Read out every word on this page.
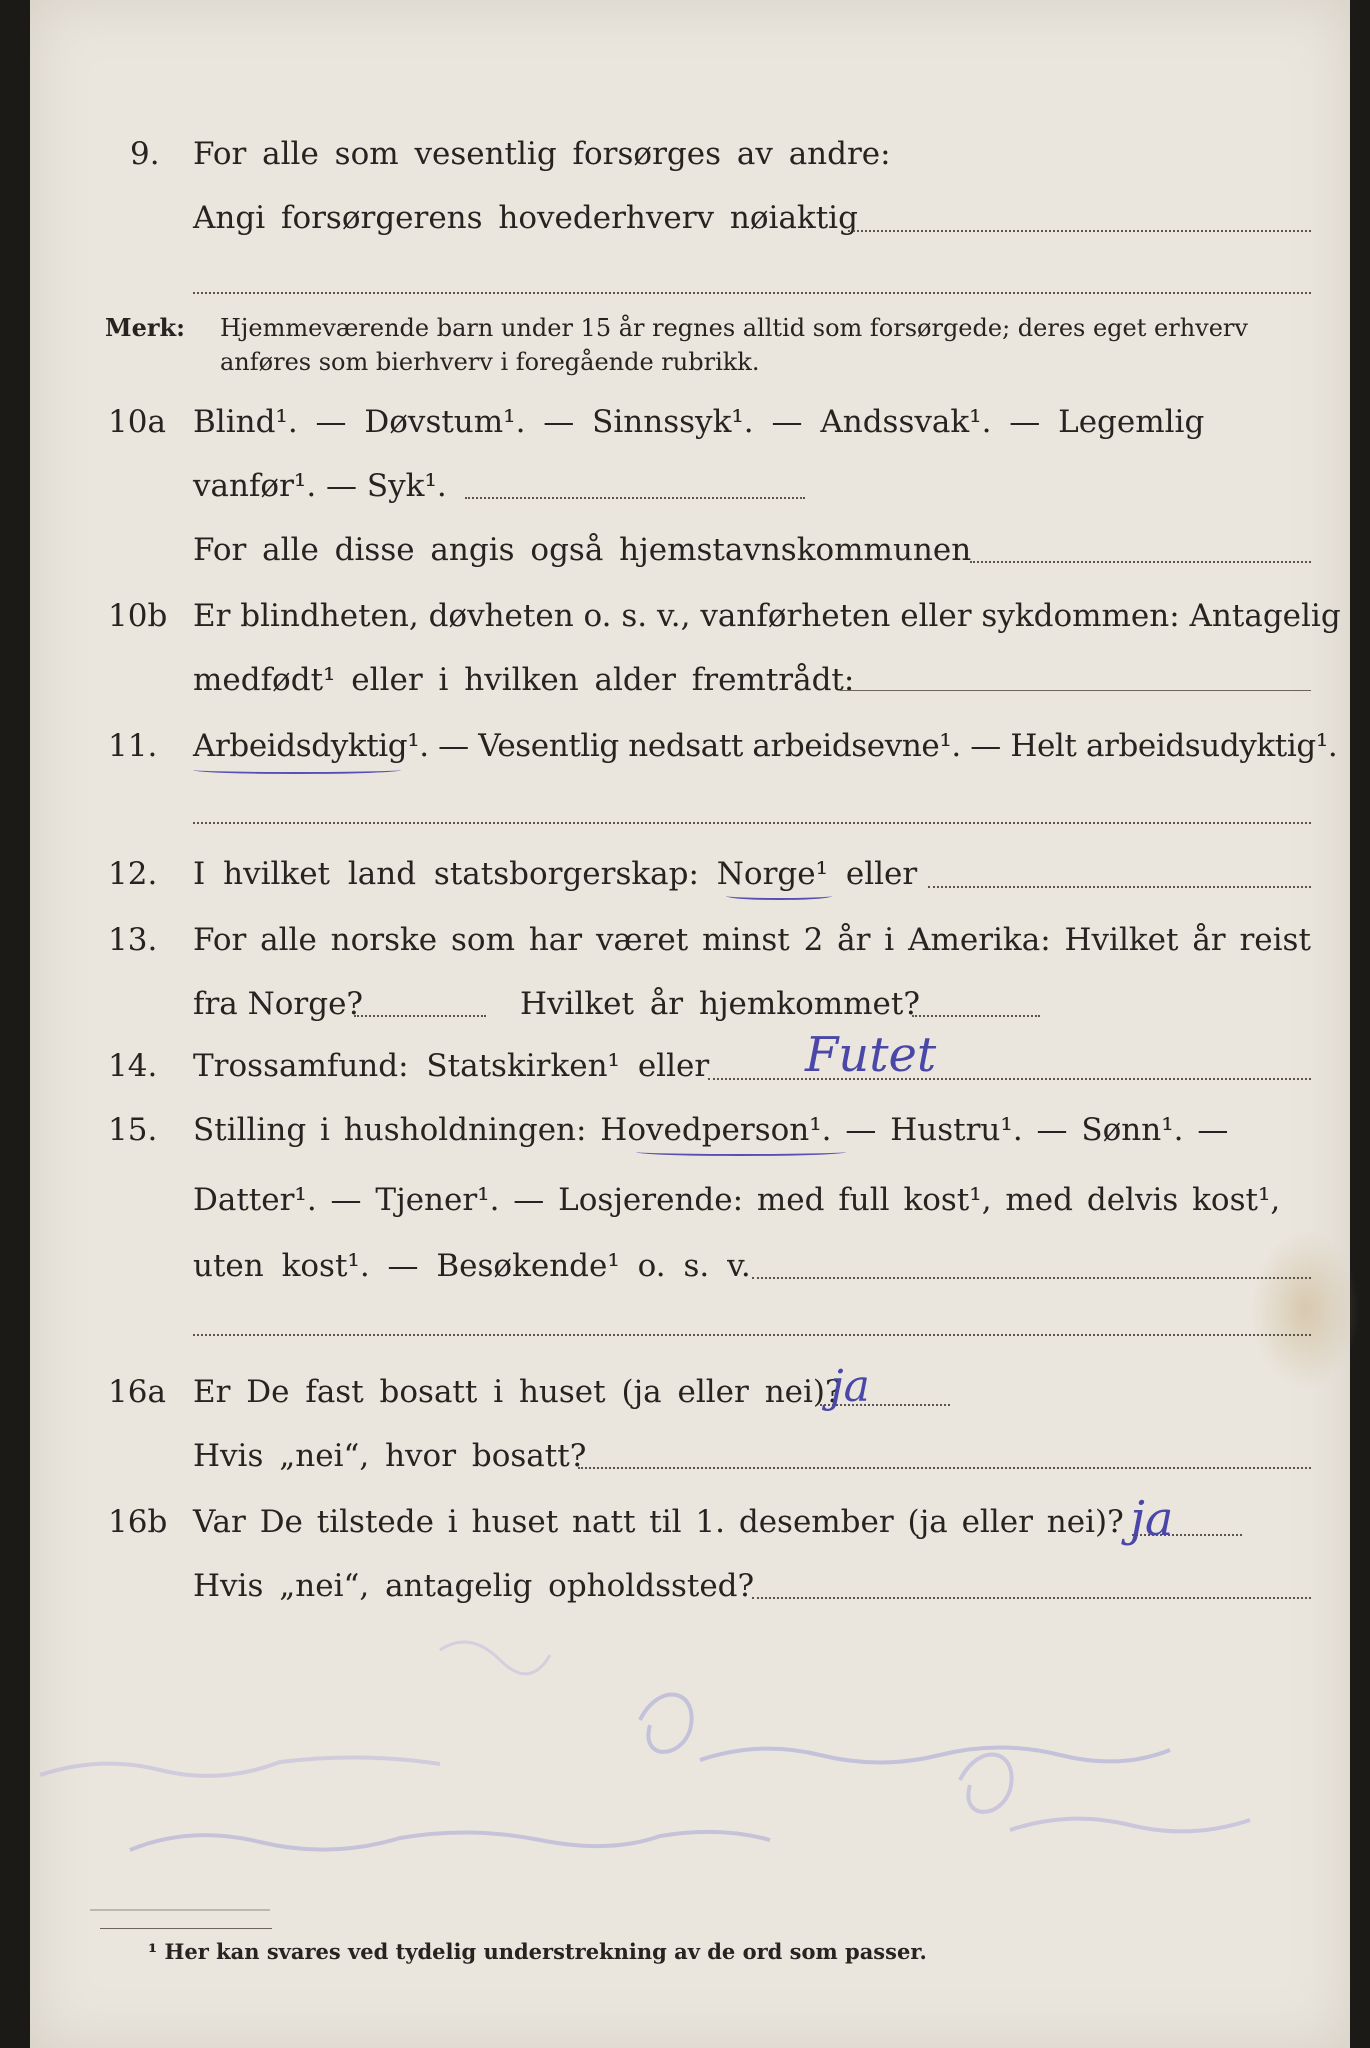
9. For alle som vesentlig forsørges av andre:
Angi forsørgerens hovederhverv nøiaktig
Merk: Hjemmeværende barn under 15 år regnes alltid som forsørgede; deres eget erhverv
anføres som bierhverv i foregående rubrikk.
10a Blind¹. — Døvstum¹. — Sinnssyk¹. — Andssvak¹. — Legemlig
vanfør¹. — Syk¹.
For alle disse angis også hjemstavnskommunen
10b Er blindheten, døvheten o. s. v., vanførheten eller sykdommen: Antagelig
medfødt¹ eller i hvilken alder fremtrådt:
11. Arbeidsdyktig¹. — Vesentlig nedsatt arbeidsevne¹. — Helt arbeidsudyktig¹.
12. I hvilket land statsborgerskap: Norge¹ eller
13. For alle norske som har været minst 2 år i Amerika: Hvilket år reist
fra Norge?	Hvilket år hjemkommet?
14. Trossamfund: Statskirken¹ eller Futet
15. Stilling i husholdningen: Hovedperson¹. — Hustru¹. — Sønn¹. —
Datter¹. — Tjener¹. — Losjerende: med full kost¹, med delvis kost¹,
uten kost¹. — Besøkende¹ o. s. v.
16a Er De fast bosatt i huset (ja eller nei)?
ja
Hvis „nei“, hvor bosatt?
16b Var De tilstede i huset natt til 1. desember (ja eller nei)? ja
Hvis „nei“, antagelig opholdssted?
¹ Her kan svares ved tydelig understrekning av de ord som passer.
